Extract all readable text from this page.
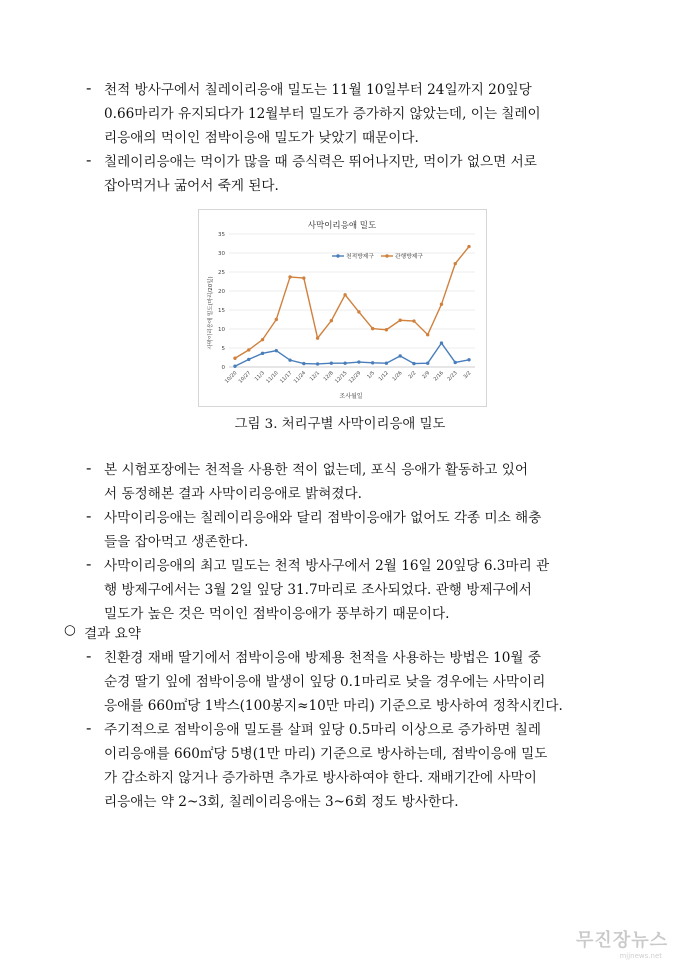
- 천적 방사구에서 칠레이리응애 밀도는 11월 10일부터 24일까지 20잎당
0.66마리가 유지되다가 12월부터 밀도가 증가하지 않았는데, 이는 칠레이
리응애의 먹이인 점박이응애 밀도가 낮았기 때문이다.
- 칠레이리응애는 먹이가 많을 때 증식력은 뛰어나지만, 먹이가 없으면 서로
잡아먹거나 굶어서 죽게 된다.
사막이리응애 밀도
0
5
10
15
20
25
30
35
10/20 10/27 11/3 11/10 11/17 11/24 12/1 12/8 12/15 12/29 1/5 1/12 1/26 2/2 2/9 2/16 2/23 3/2
천적방제구	관행방제구
사막이리응애 밀도(마리/20잎)
조사월일
그림 3. 처리구별 사막이리응애 밀도
- 본 시험포장에는 천적을 사용한 적이 없는데, 포식 응애가 활동하고 있어
서 동정해본 결과 사막이리응애로 밝혀졌다.
- 사막이리응애는 칠레이리응애와 달리 점박이응애가 없어도 각종 미소 해충
들을 잡아먹고 생존한다.
- 사막이리응애의 최고 밀도는 천적 방사구에서 2월 16일 20잎당 6.3마리 관
행 방제구에서는 3월 2일 잎당 31.7마리로 조사되었다. 관행 방제구에서
밀도가 높은 것은 먹이인 점박이응애가 풍부하기 때문이다.
○ 결과 요약
- 친환경 재배 딸기에서 점박이응애 방제용 천적을 사용하는 방법은 10월 중
순경 딸기 잎에 점박이응애 발생이 잎당 0.1마리로 낮을 경우에는 사막이리
응애를 660㎡당 1박스(100봉지≈10만 마리) 기준으로 방사하여 정착시킨다.
- 주기적으로 점박이응애 밀도를 살펴 잎당 0.5마리 이상으로 증가하면 칠레
이리응애를 660㎡당 5병(1만 마리) 기준으로 방사하는데, 점박이응애 밀도
가 감소하지 않거나 증가하면 추가로 방사하여야 한다. 재배기간에 사막이
리응애는 약 2~3회, 칠레이리응애는 3~6회 정도 방사한다.
무진장뉴스
mjjnews.net
